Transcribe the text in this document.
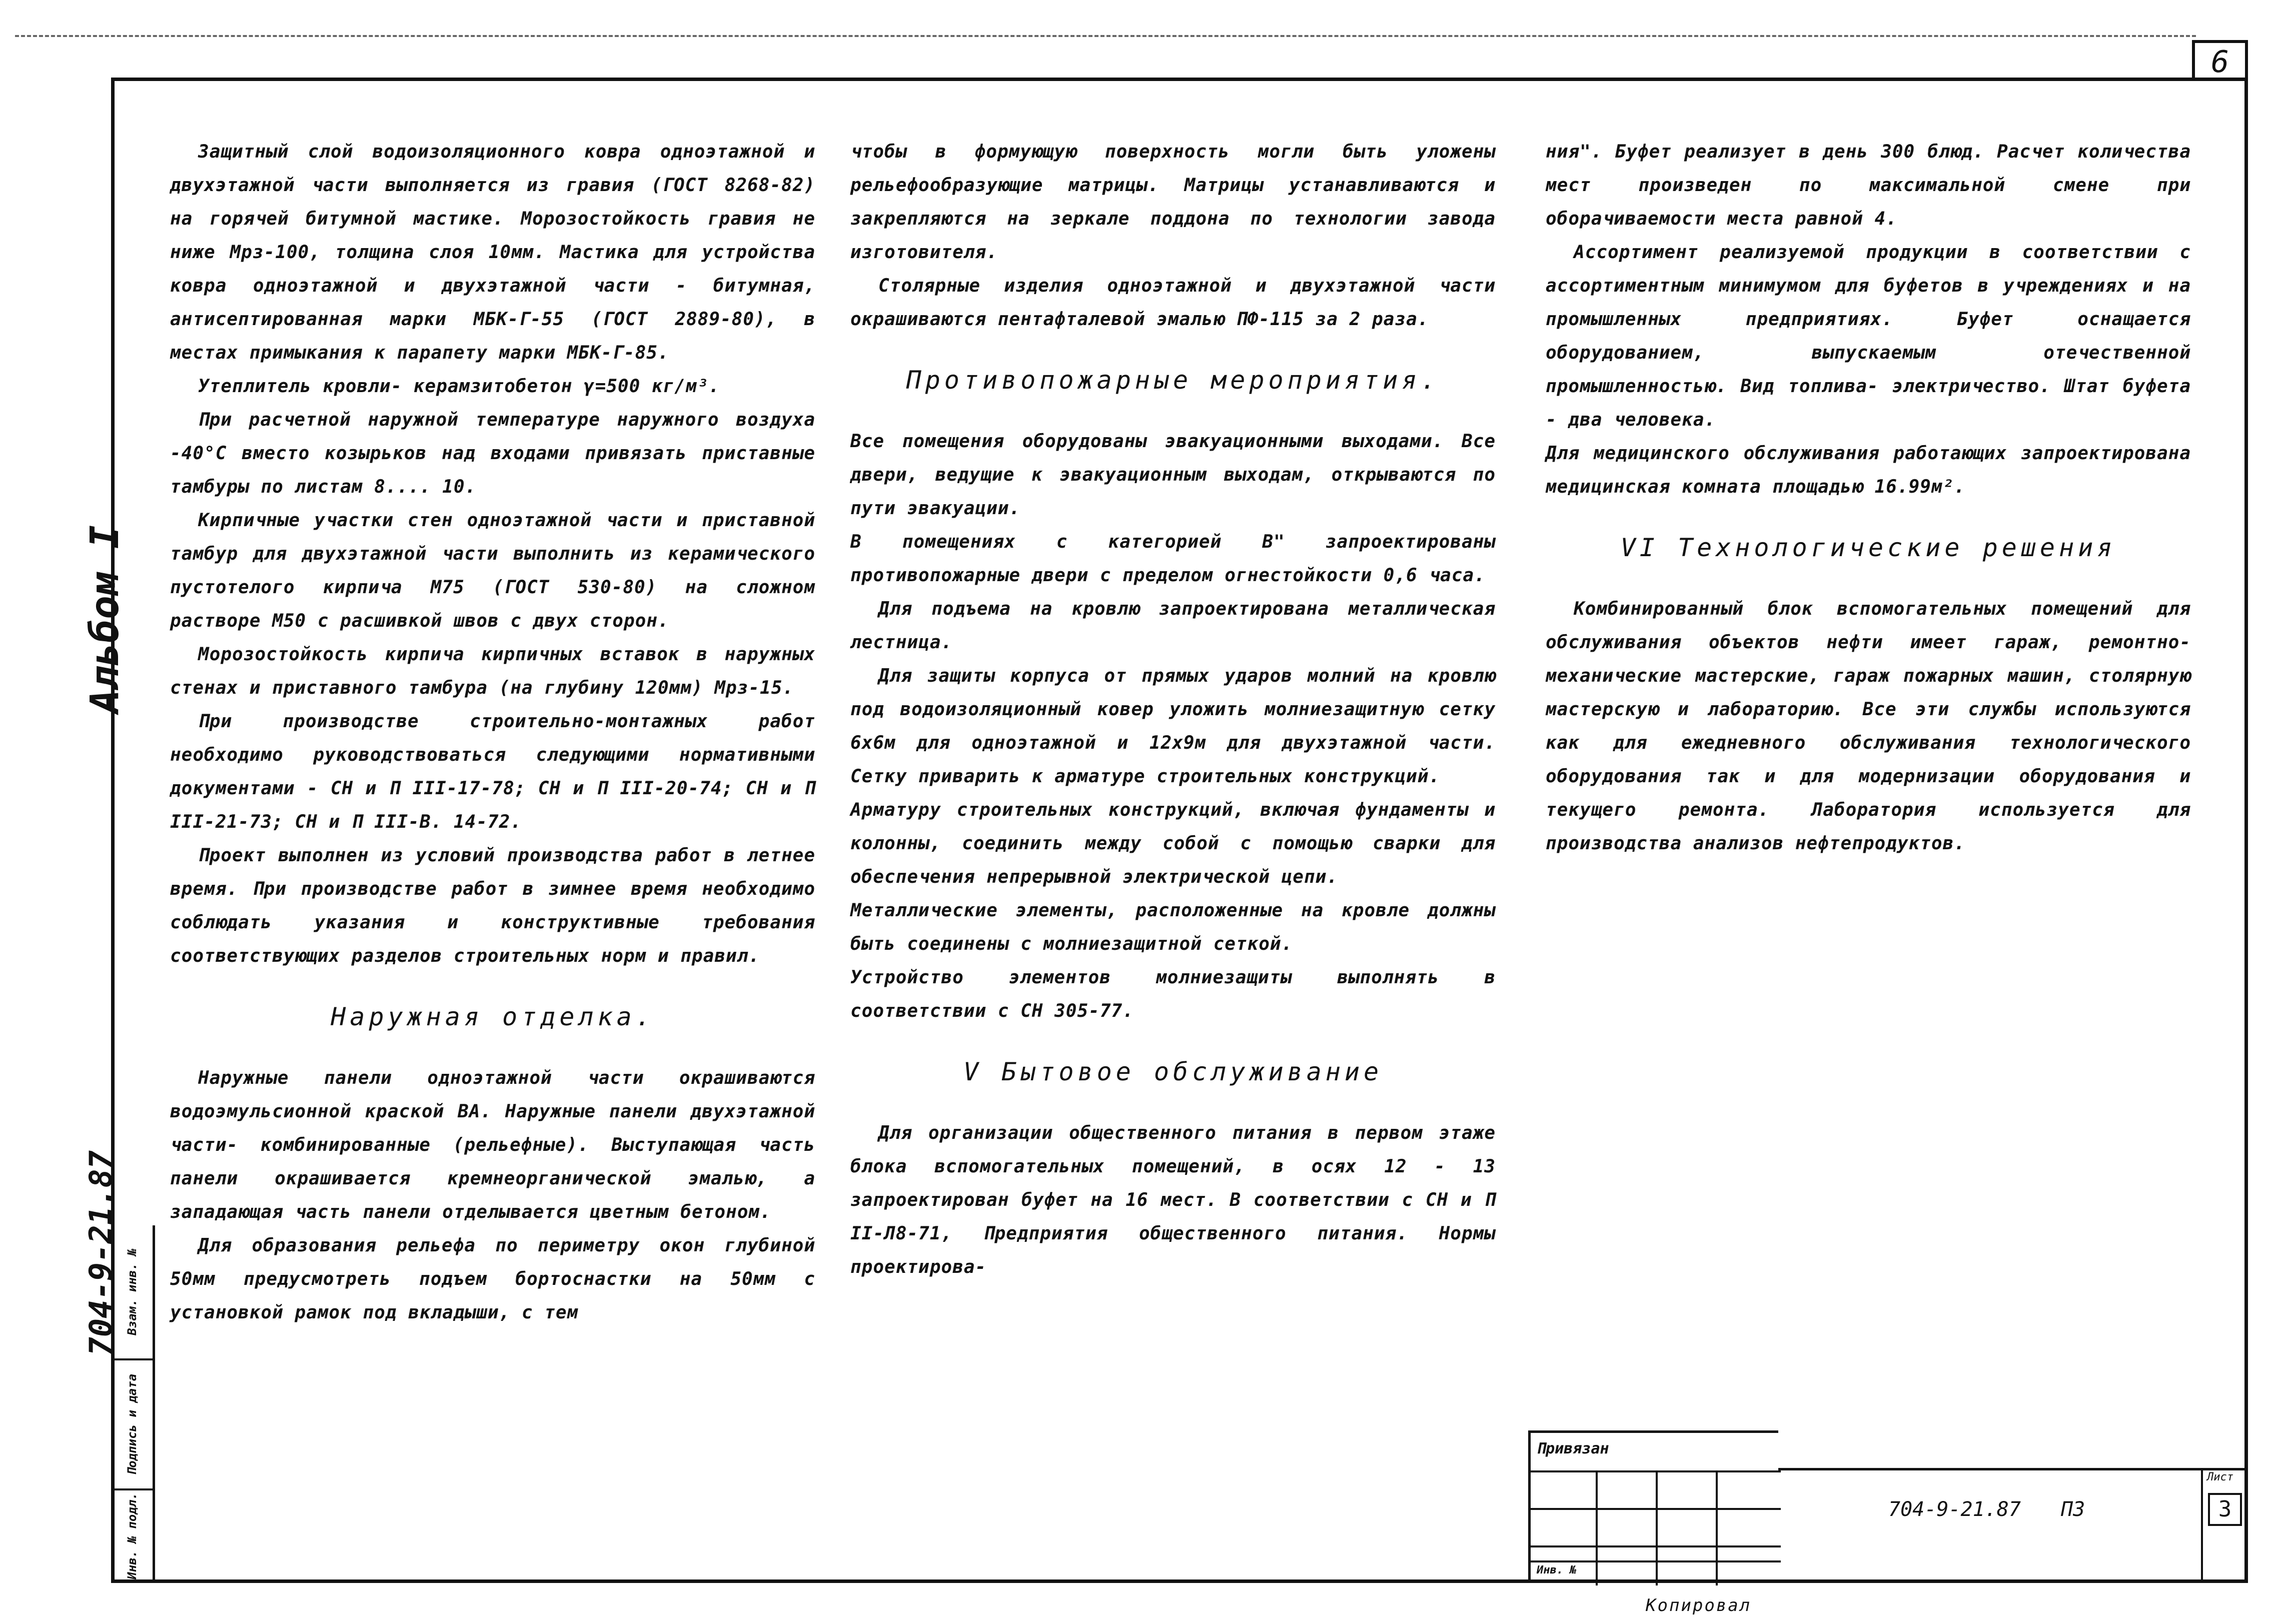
6
Альбом I
704-9-21.87 Взам. инв. №
Подпись и дата
Инв. № подл.

Защитный слой водоизоляционного ковра одноэтажной и двухэтажной части выполняется из гравия (ГОСТ 8268-82) на горячей битумной мастике. Морозостойкость гравия не ниже Мрз-100, толщина слоя 10мм. Мастика для устройства ковра одноэтажной и двухэтажной части - битумная, антисептированная марки МБК-Г-55 (ГОСТ 2889-80), в местах примыкания к парапету марки МБК-Г-85.

Утеплитель кровли- керамзитобетон γ=500 кг/м³.

При расчетной наружной температуре наружного воздуха -40°С вместо козырьков над входами привязать приставные тамбуры по листам 8.... 10.

Кирпичные участки стен одноэтажной части и приставной тамбур для двухэтажной части выполнить из керамического пустотелого кирпича М75 (ГОСТ 530-80) на сложном растворе М50 с расшивкой швов с двух сторон.

Морозостойкость кирпича кирпичных вставок в наружных стенах и приставного тамбура (на глубину 120мм) Мрз-15.

При производстве строительно-монтажных работ необходимо руководствоваться следующими нормативными документами - СН и П III-17-78; СН и П III-20-74; СН и П III-21-73; СН и П III-В. 14-72.

Проект выполнен из условий производства работ в летнее время. При производстве работ в зимнее время необходимо соблюдать указания и конструктивные требования соответствующих разделов строительных норм и правил.

Наружная отделка.

Наружные панели одноэтажной части окрашиваются водоэмульсионной краской ВА. Наружные панели двухэтажной части- комбинированные (рельефные). Выступающая часть панели окрашивается кремнеорганической эмалью, а западающая часть панели отделывается цветным бетоном.

Для образования рельефа по периметру окон глубиной 50мм предусмотреть подъем бортоснастки на 50мм с установкой рамок под вкладыши, с тем

чтобы в формующую поверхность могли быть уложены рельефообразующие матрицы. Матрицы устанавливаются и закрепляются на зеркале поддона по технологии завода изготовителя.

Столярные изделия одноэтажной и двухэтажной части окрашиваются пентафталевой эмалью ПФ-115 за 2 раза.

Противопожарные мероприятия.

Все помещения оборудованы эвакуационными выходами. Все двери, ведущие к эвакуационным выходам, открываются по пути эвакуации.

В помещениях с категорией В" запроектированы противопожарные двери с пределом огнестойкости 0,6 часа.

Для подъема на кровлю запроектирована металлическая лестница.

Для защиты корпуса от прямых ударов молний на кровлю под водоизоляционный ковер уложить молниезащитную сетку 6х6м для одноэтажной и 12х9м для двухэтажной части. Сетку приварить к арматуре строительных конструкций.

Арматуру строительных конструкций, включая фундаменты и колонны, соединить между собой с помощью сварки для обеспечения непрерывной электрической цепи.

Металлические элементы, расположенные на кровле должны быть соединены с молниезащитной сеткой.

Устройство элементов молниезащиты выполнять в соответствии с СН 305-77.

V Бытовое обслуживание

Для организации общественного питания в первом этаже блока вспомогательных помещений, в осях 12 - 13 запроектирован буфет на 16 мест. В соответствии с СН и П II-Л8-71, Предприятия общественного питания. Нормы проектирова-

ния". Буфет реализует в день 300 блюд. Расчет количества мест произведен по максимальной смене при оборачиваемости места равной 4.

Ассортимент реализуемой продукции в соответствии с ассортиментным минимумом для буфетов в учреждениях и на промышленных предприятиях. Буфет оснащается оборудованием, выпускаемым отечественной промышленностью. Вид топлива- электричество. Штат буфета - два человека.

Для медицинского обслуживания работающих запроектирована медицинская комната площадью 16.99м².

VI Технологические решения

Комбинированный блок вспомогательных помещений для обслуживания объектов нефти имеет гараж, ремонтно-механические мастерские, гараж пожарных машин, столярную мастерскую и лабораторию. Все эти службы используются как для ежедневного обслуживания технологического оборудования так и для модернизации оборудования и текущего ремонта. Лаборатория используется для производства анализов нефтепродуктов.

Привязан
Инв. №
704-9-21.87 ПЗ
Лист
3
Копировал
